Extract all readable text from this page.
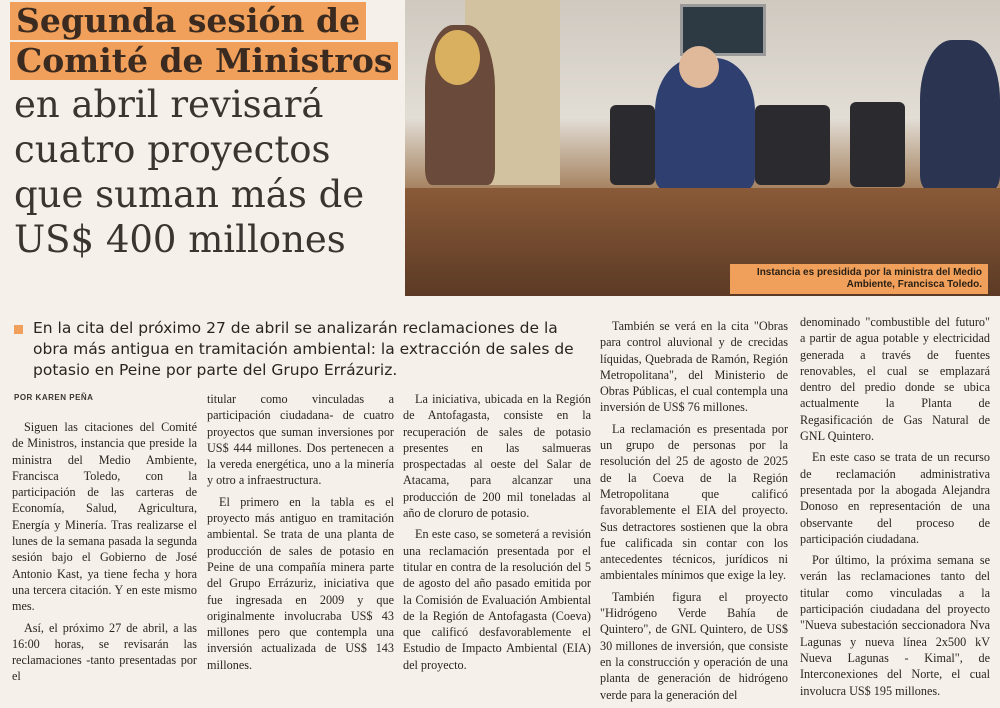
Segunda sesión de
Comité de Ministros
en abril revisará
cuatro proyectos
que suman más de
US$ 400 millones
Instancia es presidida por la ministra del Medio Ambiente, Francisca Toledo.
En la cita del próximo 27 de abril se analizarán reclamaciones de la obra más antigua en tramitación ambiental: la extracción de sales de potasio en Peine por parte del Grupo Errázuriz.
POR KAREN PEÑA

Siguen las citaciones del Comité de Ministros, instancia que preside la ministra del Medio Ambiente, Francisca Toledo, con la participación de las carteras de Economía, Salud, Agricultura, Energía y Minería. Tras realizarse el lunes de la semana pasada la segunda sesión bajo el Gobierno de José Antonio Kast, ya tiene fecha y hora una tercera citación. Y en este mismo mes.

Así, el próximo 27 de abril, a las 16:00 horas, se revisarán las reclamaciones -tanto presentadas por el

titular como vinculadas a participación ciudadana- de cuatro proyectos que suman inversiones por US$ 444 millones. Dos pertenecen a la vereda energética, uno a la minería y otro a infraestructura.

El primero en la tabla es el proyecto más antiguo en tramitación ambiental. Se trata de una planta de producción de sales de potasio en Peine de una compañía minera parte del Grupo Errázuriz, iniciativa que fue ingresada en 2009 y que originalmente involucraba US$ 43 millones pero que contempla una inversión actualizada de US$ 143 millones.

La iniciativa, ubicada en la Región de Antofagasta, consiste en la recuperación de sales de potasio presentes en las salmueras prospectadas al oeste del Salar de Atacama, para alcanzar una producción de 200 mil toneladas al año de cloruro de potasio.

En este caso, se someterá a revisión una reclamación presentada por el titular en contra de la resolución del 5 de agosto del año pasado emitida por la Comisión de Evaluación Ambiental de la Región de Antofagasta (Coeva) que calificó desfavorablemente el Estudio de Impacto Ambiental (EIA) del proyecto.

También se verá en la cita "Obras para control aluvional y de crecidas líquidas, Quebrada de Ramón, Región Metropolitana", del Ministerio de Obras Públicas, el cual contempla una inversión de US$ 76 millones.

La reclamación es presentada por un grupo de personas por la resolución del 25 de agosto de 2025 de la Coeva de la Región Metropolitana que calificó favorablemente el EIA del proyecto. Sus detractores sostienen que la obra fue calificada sin contar con los antecedentes técnicos, jurídicos ni ambientales mínimos que exige la ley.

También figura el proyecto "Hidrógeno Verde Bahía de Quintero", de GNL Quintero, de US$ 30 millones de inversión, que consiste en la construcción y operación de una planta de generación de hidrógeno verde para la generación del

denominado "combustible del futuro" a partir de agua potable y electricidad generada a través de fuentes renovables, el cual se emplazará dentro del predio donde se ubica actualmente la Planta de Regasificación de Gas Natural de GNL Quintero.

En este caso se trata de un recurso de reclamación administrativa presentada por la abogada Alejandra Donoso en representación de una observante del proceso de participación ciudadana.

Por último, la próxima semana se verán las reclamaciones tanto del titular como vinculadas a la participación ciudadana del proyecto "Nueva subestación seccionadora Nva Lagunas y nueva línea 2x500 kV Nueva Lagunas - Kimal", de Interconexiones del Norte, el cual involucra US$ 195 millones.
